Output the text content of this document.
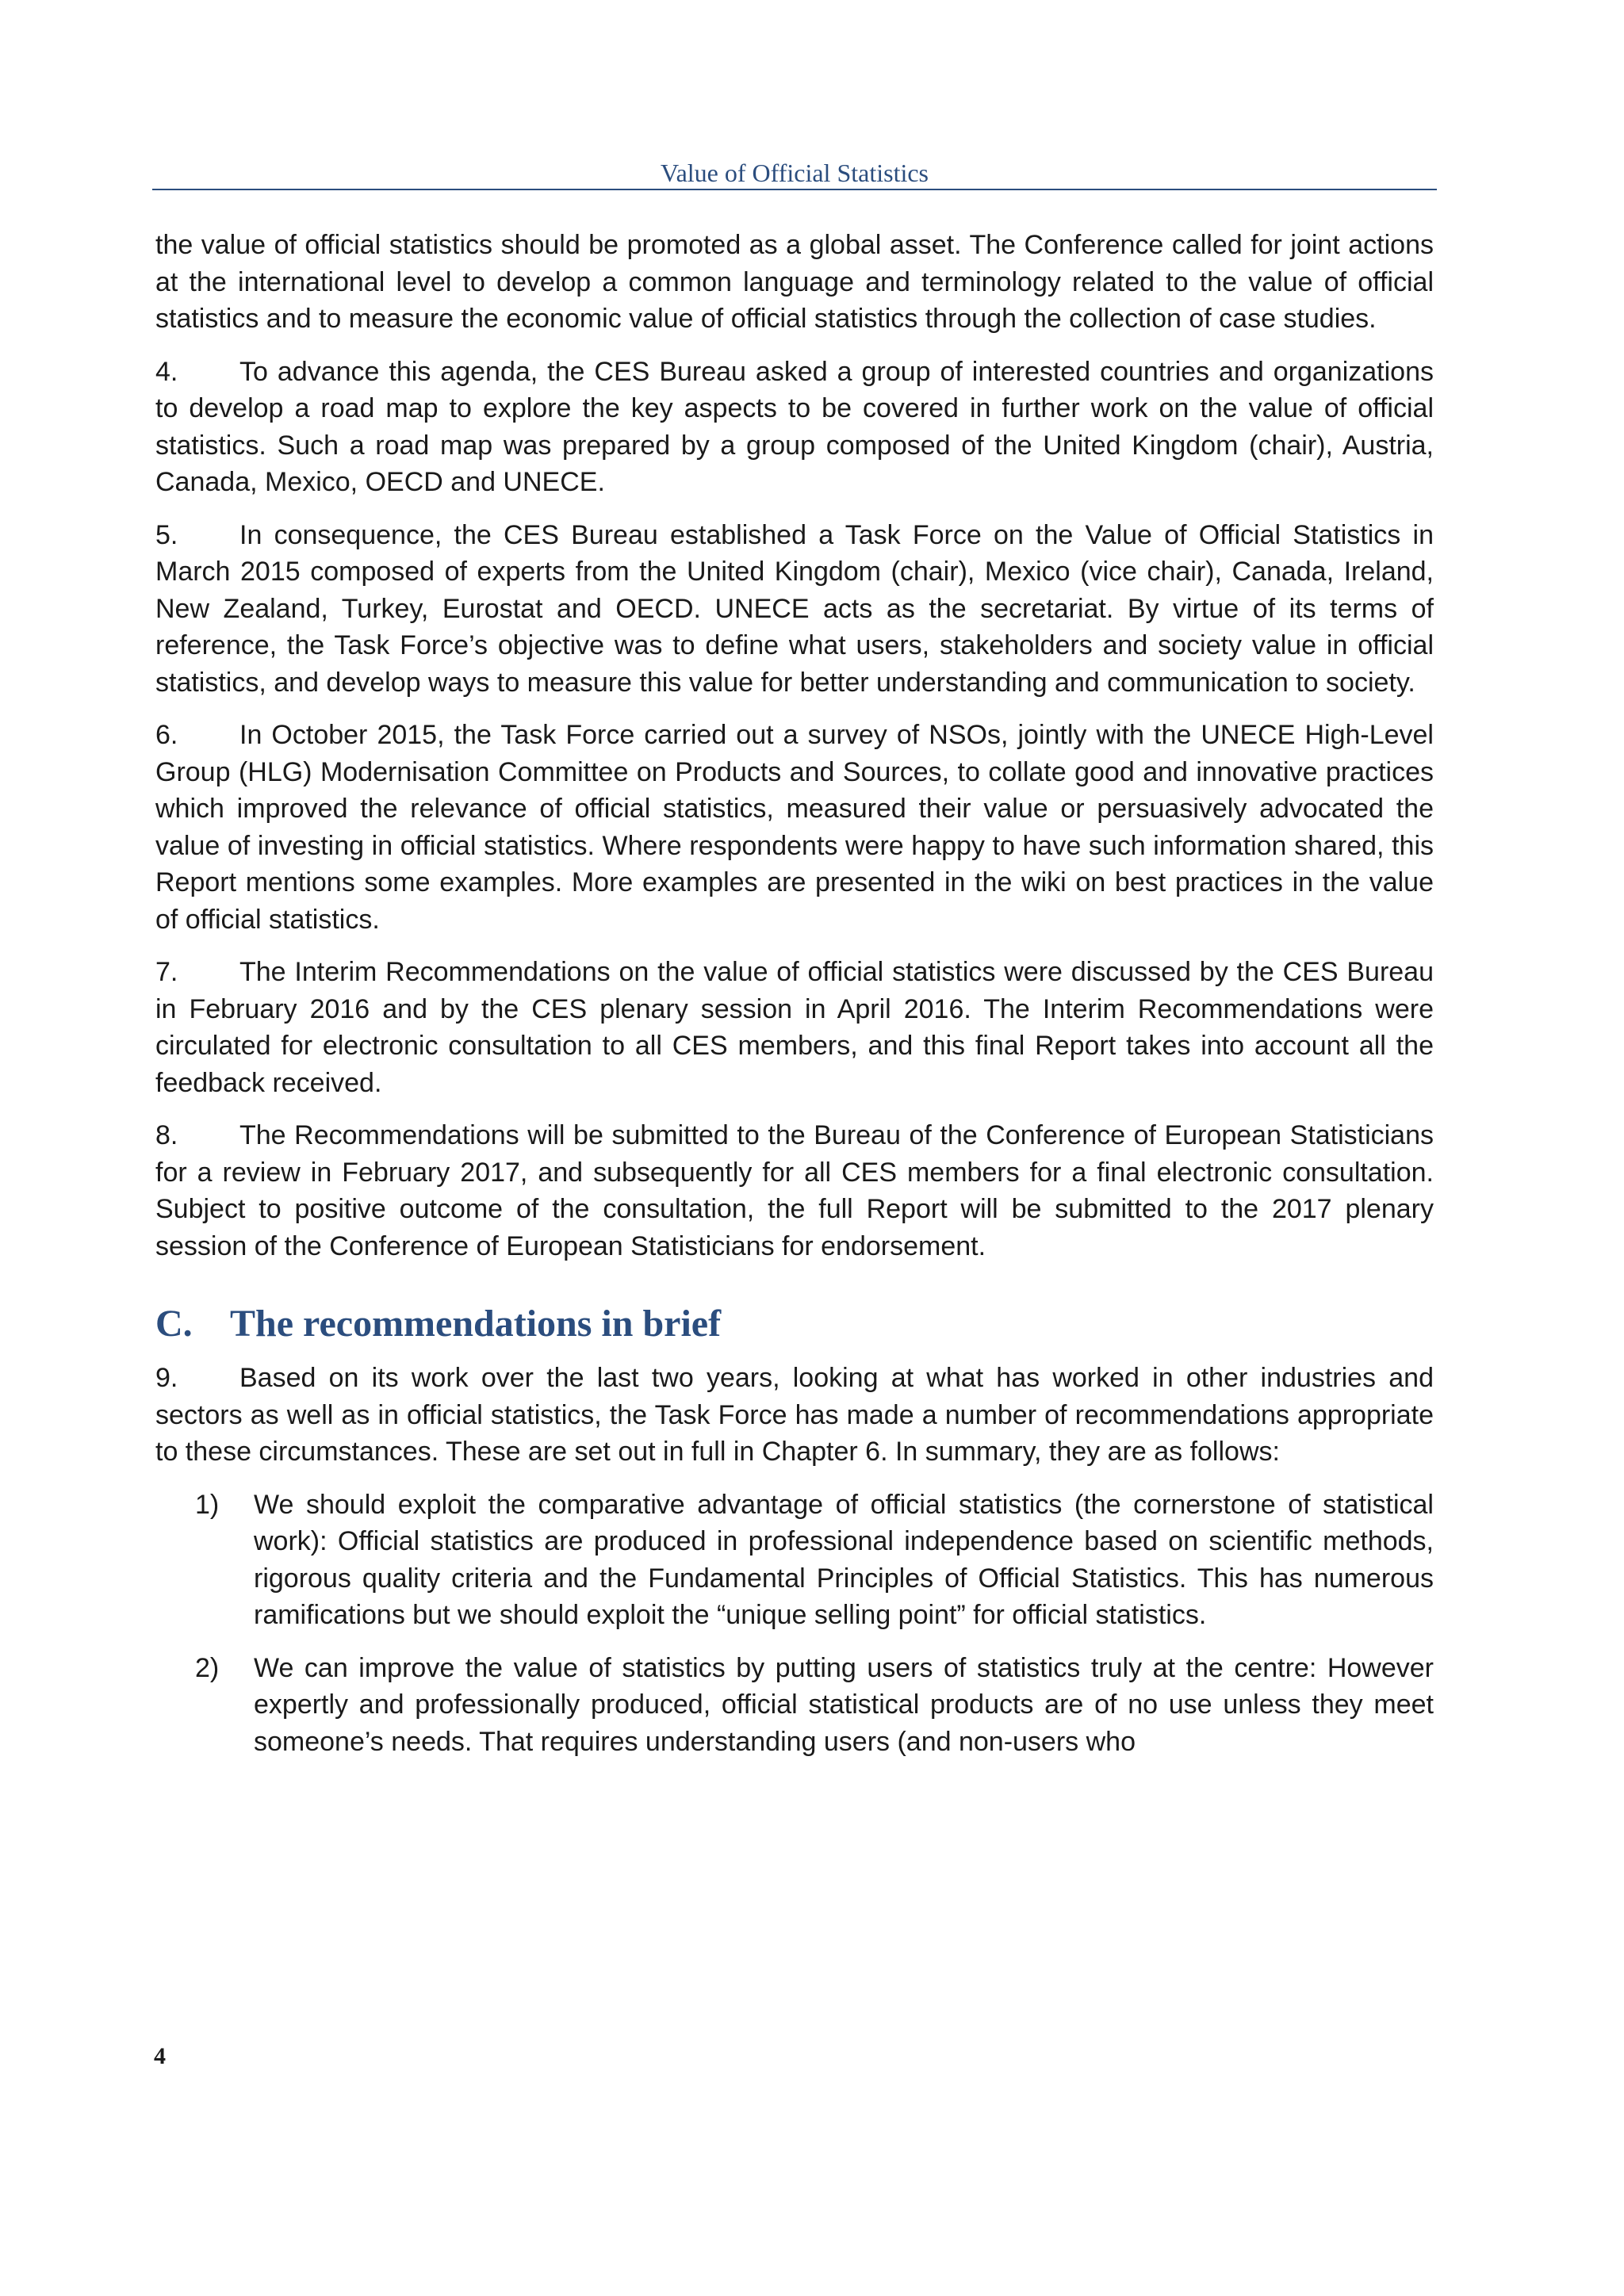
Value of Official Statistics

the value of official statistics should be promoted as a global asset. The Conference called for joint actions at the international level to develop a common language and terminology related to the value of official statistics and to measure the economic value of official statistics through the collection of case studies.

4. To advance this agenda, the CES Bureau asked a group of interested countries and organizations to develop a road map to explore the key aspects to be covered in further work on the value of official statistics. Such a road map was prepared by a group composed of the United Kingdom (chair), Austria, Canada, Mexico, OECD and UNECE.

5. In consequence, the CES Bureau established a Task Force on the Value of Official Statistics in March 2015 composed of experts from the United Kingdom (chair), Mexico (vice chair), Canada, Ireland, New Zealand, Turkey, Eurostat and OECD. UNECE acts as the secretariat. By virtue of its terms of reference, the Task Force’s objective was to define what users, stakeholders and society value in official statistics, and develop ways to measure this value for better understanding and communication to society.

6. In October 2015, the Task Force carried out a survey of NSOs, jointly with the UNECE High-Level Group (HLG) Modernisation Committee on Products and Sources, to collate good and innovative practices which improved the relevance of official statistics, measured their value or persuasively advocated the value of investing in official statistics. Where respondents were happy to have such information shared, this Report mentions some examples. More examples are presented in the wiki on best practices in the value of official statistics.

7. The Interim Recommendations on the value of official statistics were discussed by the CES Bureau in February 2016 and by the CES plenary session in April 2016. The Interim Recommendations were circulated for electronic consultation to all CES members, and this final Report takes into account all the feedback received.

8. The Recommendations will be submitted to the Bureau of the Conference of European Statisticians for a review in February 2017, and subsequently for all CES members for a final electronic consultation. Subject to positive outcome of the consultation, the full Report will be submitted to the 2017 plenary session of the Conference of European Statisticians for endorsement.

C. The recommendations in brief

9. Based on its work over the last two years, looking at what has worked in other industries and sectors as well as in official statistics, the Task Force has made a number of recommendations appropriate to these circumstances. These are set out in full in Chapter 6. In summary, they are as follows:

1) We should exploit the comparative advantage of official statistics (the cornerstone of statistical work): Official statistics are produced in professional independence based on scientific methods, rigorous quality criteria and the Fundamental Principles of Official Statistics. This has numerous ramifications but we should exploit the “unique selling point” for official statistics.
2) We can improve the value of statistics by putting users of statistics truly at the centre: However expertly and professionally produced, official statistical products are of no use unless they meet someone’s needs. That requires understanding users (and non-users who
4
